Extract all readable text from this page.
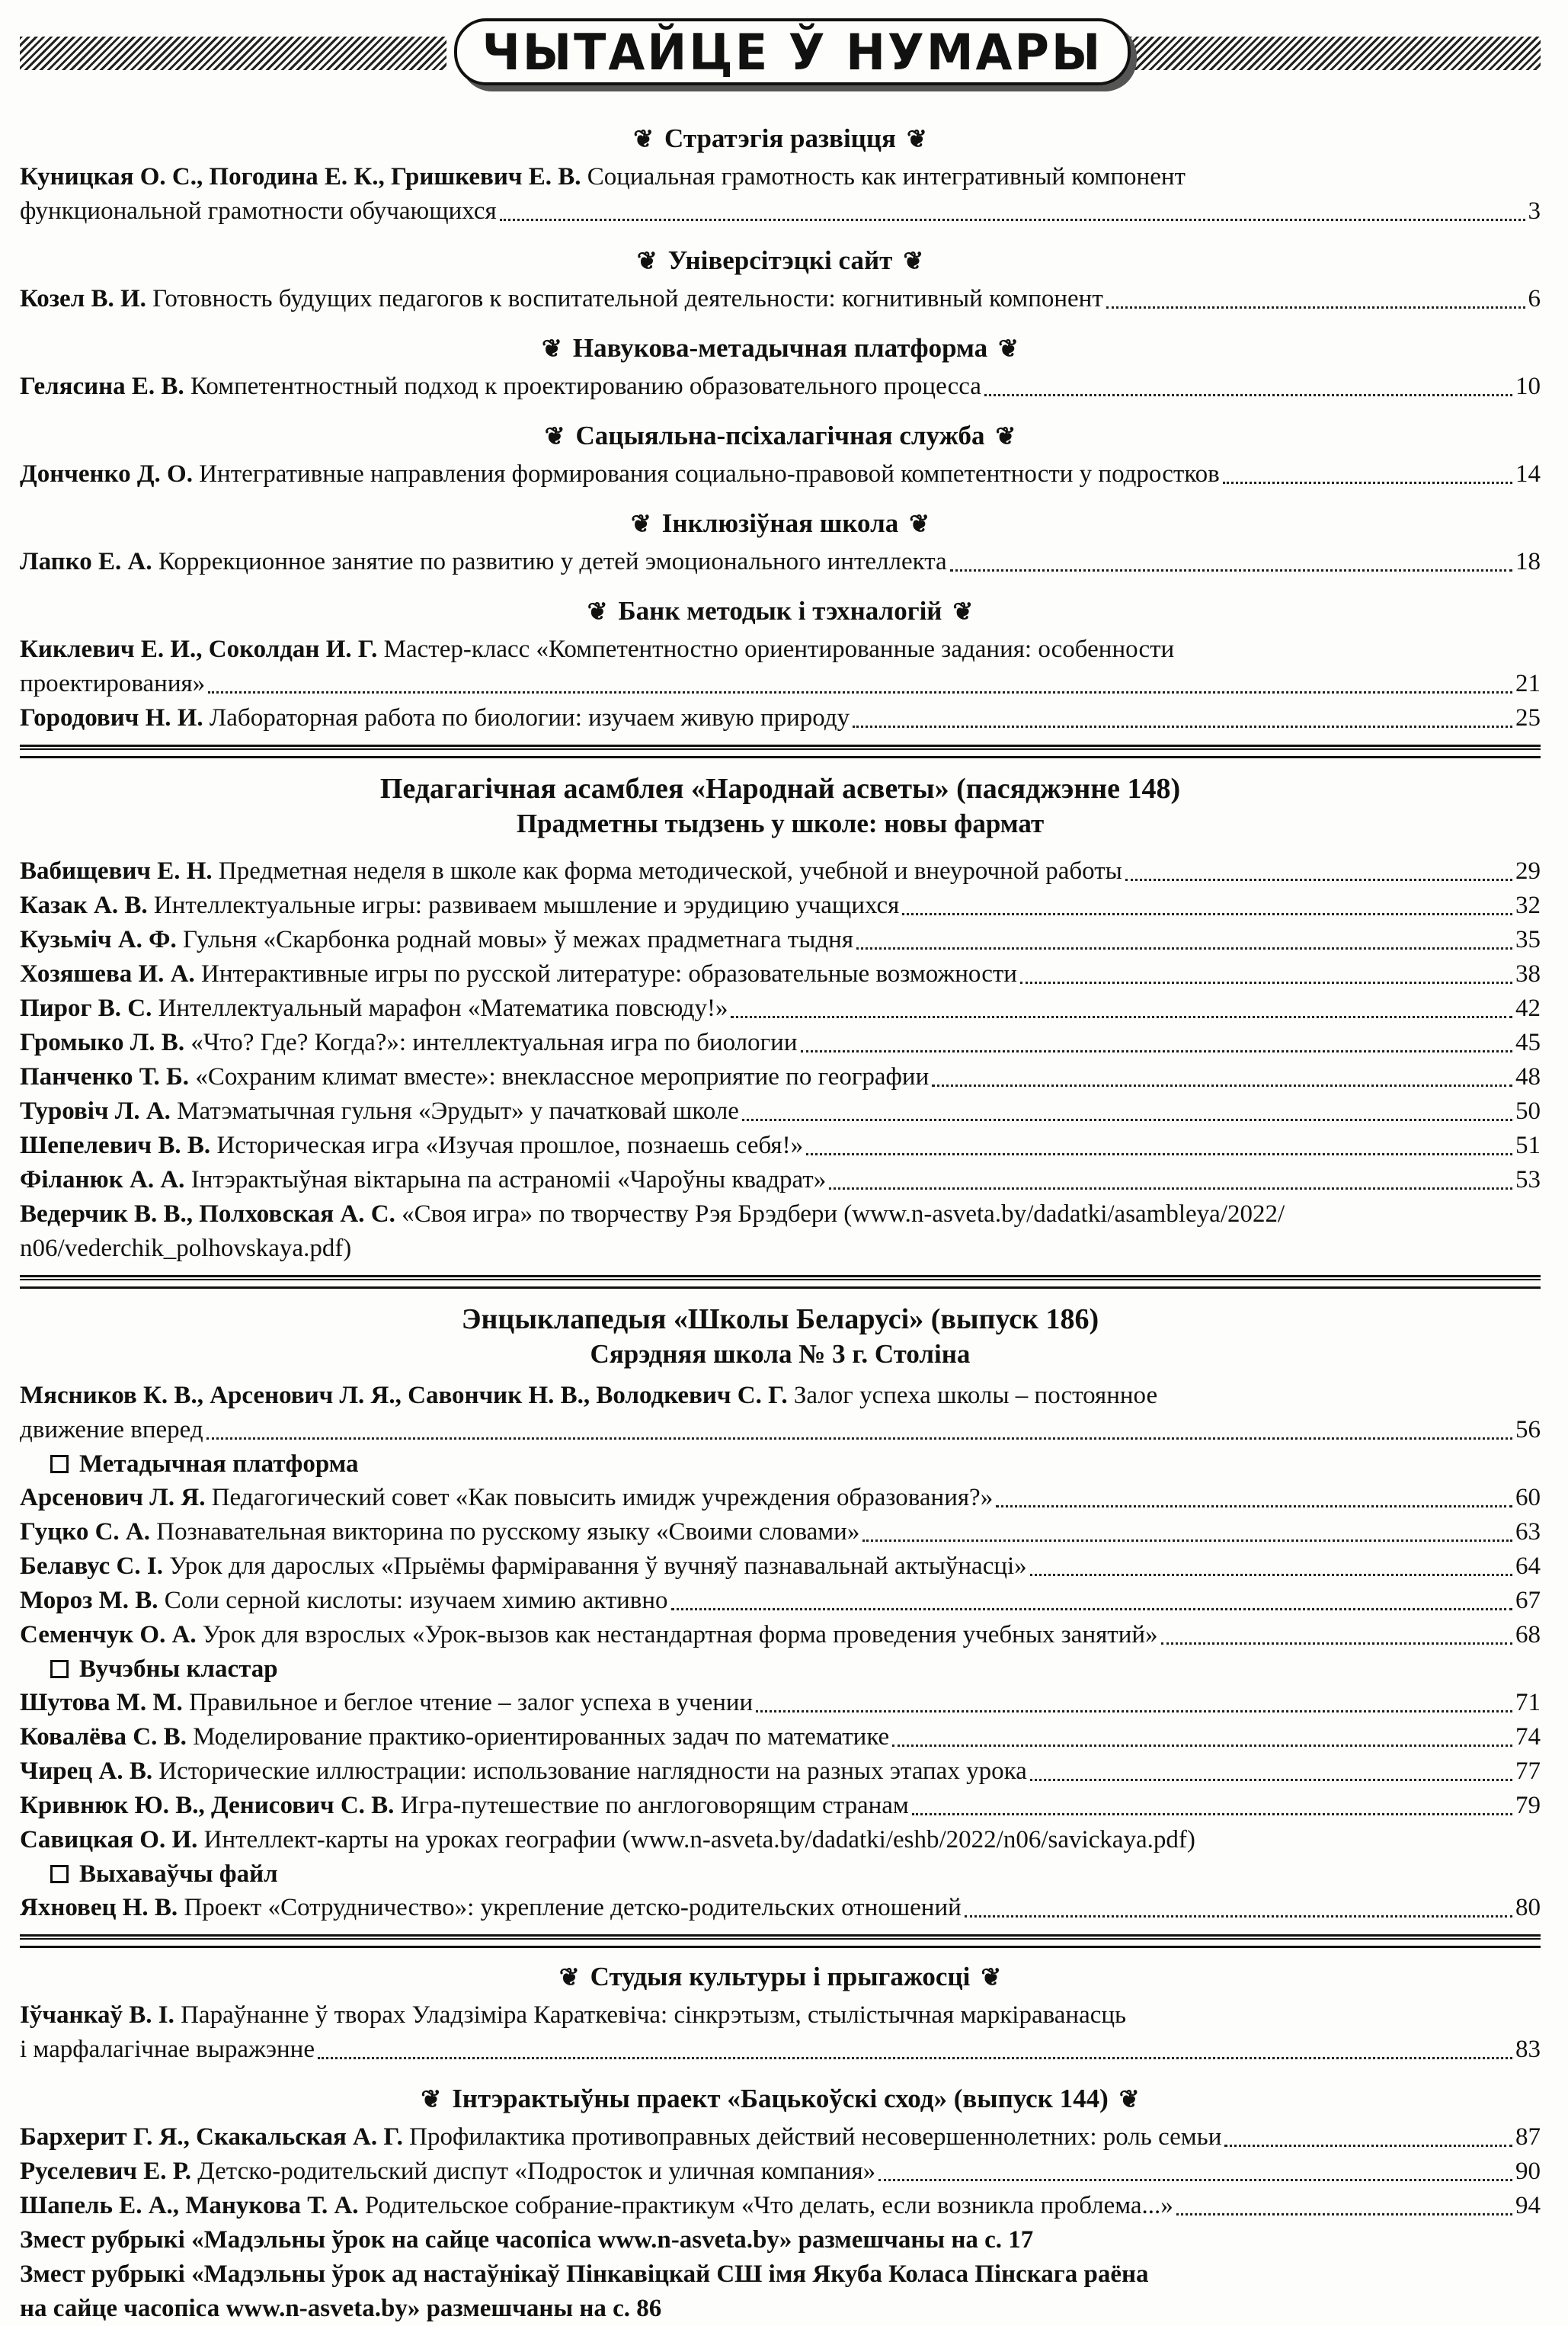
ЧЫТАЙЦЕ Ў НУМАРЫ
❦ Стратэгія развіцця ❦
Куницкая О. С., Погодина Е. К., Гришкевич Е. В. Социальная грамотность как интегративный компонент
функциональной грамотности обучающихся	3
❦ Універсітэцкі сайт ❦
Козел В. И. Готовность будущих педагогов к воспитательной деятельности: когнитивный компонент	6
❦ Навукова-метадычная платформа ❦
Гелясина Е. В. Компетентностный подход к проектированию образовательного процесса	10
❦ Сацыяльна-псіхалагічная служба ❦
Донченко Д. О. Интегративные направления формирования социально-правовой компетентности у подростков	14
❦ Інклюзіўная школа ❦
Лапко Е. А. Коррекционное занятие по развитию у детей эмоционального интеллекта	18
❦ Банк методык і тэхналогій ❦
Киклевич Е. И., Соколдан И. Г. Мастер-класс «Компетентностно ориентированные задания: особенности
проектирования»	21
Городович Н. И. Лабораторная работа по биологии: изучаем живую природу	25
Педагагічная асамблея «Народнай асветы» (пасяджэнне 148)
Прадметны тыдзень у школе: новы фармат
Вабищевич Е. Н. Предметная неделя в школе как форма методической, учебной и внеурочной работы	29
Казак А. В. Интеллектуальные игры: развиваем мышление и эрудицию учащихся	32
Кузьміч А. Ф. Гульня «Скарбонка роднай мовы» ў межах прадметнага тыдня	35
Хозяшева И. А. Интерактивные игры по русской литературе: образовательные возможности	38
Пирог В. С. Интеллектуальный марафон «Математика повсюду!»	42
Громыко Л. В. «Что? Где? Когда?»: интеллектуальная игра по биологии	45
Панченко Т. Б. «Сохраним климат вместе»: внеклассное мероприятие по географии	48
Туровіч Л. А. Матэматычная гульня «Эрудыт» у пачатковай школе	50
Шепелевич В. В. Историческая игра «Изучая прошлое, познаешь себя!»	51
Філанюк А. А. Інтэрактыўная віктарына па астраноміі «Чароўны квадрат»	53
Ведерчик В. В., Полховская А. С. «Своя игра» по творчеству Рэя Брэдбери (www.n-asveta.by/dadatki/asambleya/2022/
n06/vederchik_polhovskaya.pdf)
Энцыклапедыя «Школы Беларусі» (выпуск 186)
Сярэдняя школа № 3 г. Століна
Мясников К. В., Арсенович Л. Я., Савончик Н. В., Володкевич С. Г. Залог успеха школы – постоянное
движение вперед	56
Метадычная платформа
Арсенович Л. Я. Педагогический совет «Как повысить имидж учреждения образования?»	60
Гуцко С. А. Познавательная викторина по русскому языку «Своими словами»	63
Белавус С. І. Урок для дарослых «Прыёмы фарміравання ў вучняў пазнавальнай актыўнасці»	64
Мороз М. В. Соли серной кислоты: изучаем химию активно	67
Семенчук О. А. Урок для взрослых «Урок-вызов как нестандартная форма проведения учебных занятий»	68
Вучэбны кластар
Шутова М. М. Правильное и беглое чтение – залог успеха в учении	71
Ковалёва С. В. Моделирование практико-ориентированных задач по математике	74
Чирец А. В. Исторические иллюстрации: использование наглядности на разных этапах урока	77
Кривнюк Ю. В., Денисович С. В. Игра-путешествие по англоговорящим странам	79
Савицкая О. И. Интеллект-карты на уроках географии (www.n-asveta.by/dadatki/eshb/2022/n06/savickaya.pdf)
Выхаваўчы файл
Яхновец Н. В. Проект «Сотрудничество»: укрепление детско-родительских отношений	80
❦ Студыя культуры і прыгажосці ❦
Іўчанкаў В. І. Параўнанне ў творах Уладзіміра Караткевіча: сінкрэтызм, стылістычная маркіраванасць
і марфалагічнае выражэнне	83
❦ Інтэрактыўны праект «Бацькоўскі сход» (выпуск 144) ❦
Бархерит Г. Я., Скакальская А. Г. Профилактика противоправных действий несовершеннолетних: роль семьи	87
Руселевич Е. Р. Детско-родительский диспут «Подросток и уличная компания»	90
Шапель Е. А., Манукова Т. А. Родительское собрание-практикум «Что делать, если возникла проблема...»	94
Змест рубрыкі «Мадэльны ўрок на сайце часопіса www.n-asveta.by» размешчаны на с. 17
Змест рубрыкі «Мадэльны ўрок ад настаўнікаў Пінкавіцкай СШ імя Якуба Коласа Пінскага раёна
на сайце часопіса www.n-asveta.by» размешчаны на с. 86
